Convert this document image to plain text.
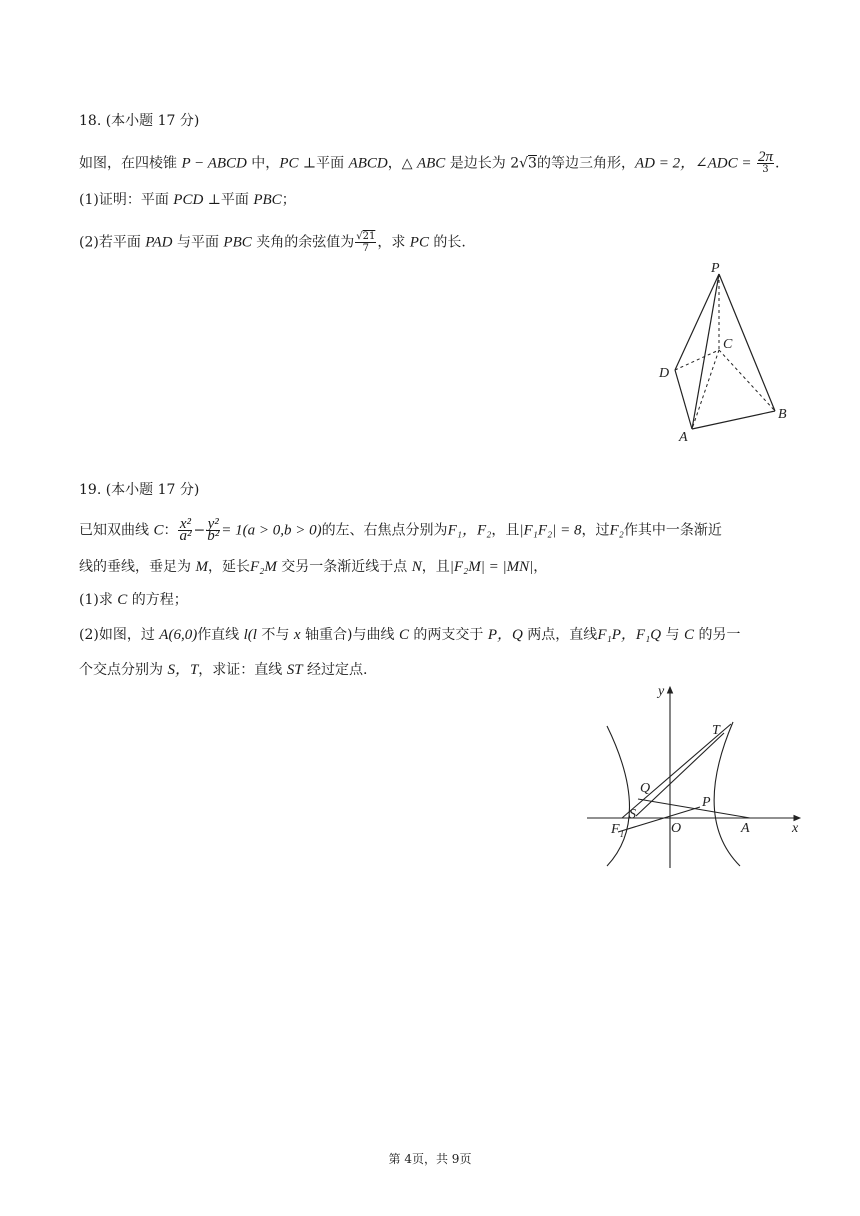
18. (本小题 17 分)
如图，在四棱锥 P − ABCD 中，PC ⊥平面 ABCD，△ ABC 是边长为 2√3的等边三角形，AD = 2，∠ADC = $\frac{2\pi}{3}$ .
(1)证明：平面 PCD ⊥平面 PBC；
(2)若平面 PAD 与平面 PBC 夹角的余弦值为 $\frac{√21}{7}$ ，求 PC 的长.
P
C
D
B
A
19. (本小题 17 分)
已知双曲线 C： $\frac{\text{x²}}{\text{a²}} - \frac{\text{y²}}{\text{b²}} = 1(a > 0,b > 0)$的左、右焦点分别为F₁，F₂，且|F₁F₂| = 8，过F₂作其中一条渐近
线的垂线，垂足为 M，延长F₂M 交另一条渐近线于点 N，且|F₂M| = |MN|，
(1)求 C 的方程；
(2)如图，过 A(6,0)作直线 l(l 不与 x 轴重合)与曲线 C 的两支交于 P，Q 两点，直线F₁P，F₁Q 与 C 的另一
个交点分别为 S，T，求证：直线 ST 经过定点.
y
x
T
Q
P
S
$F_1$	O	A
第 4页，共 9页
